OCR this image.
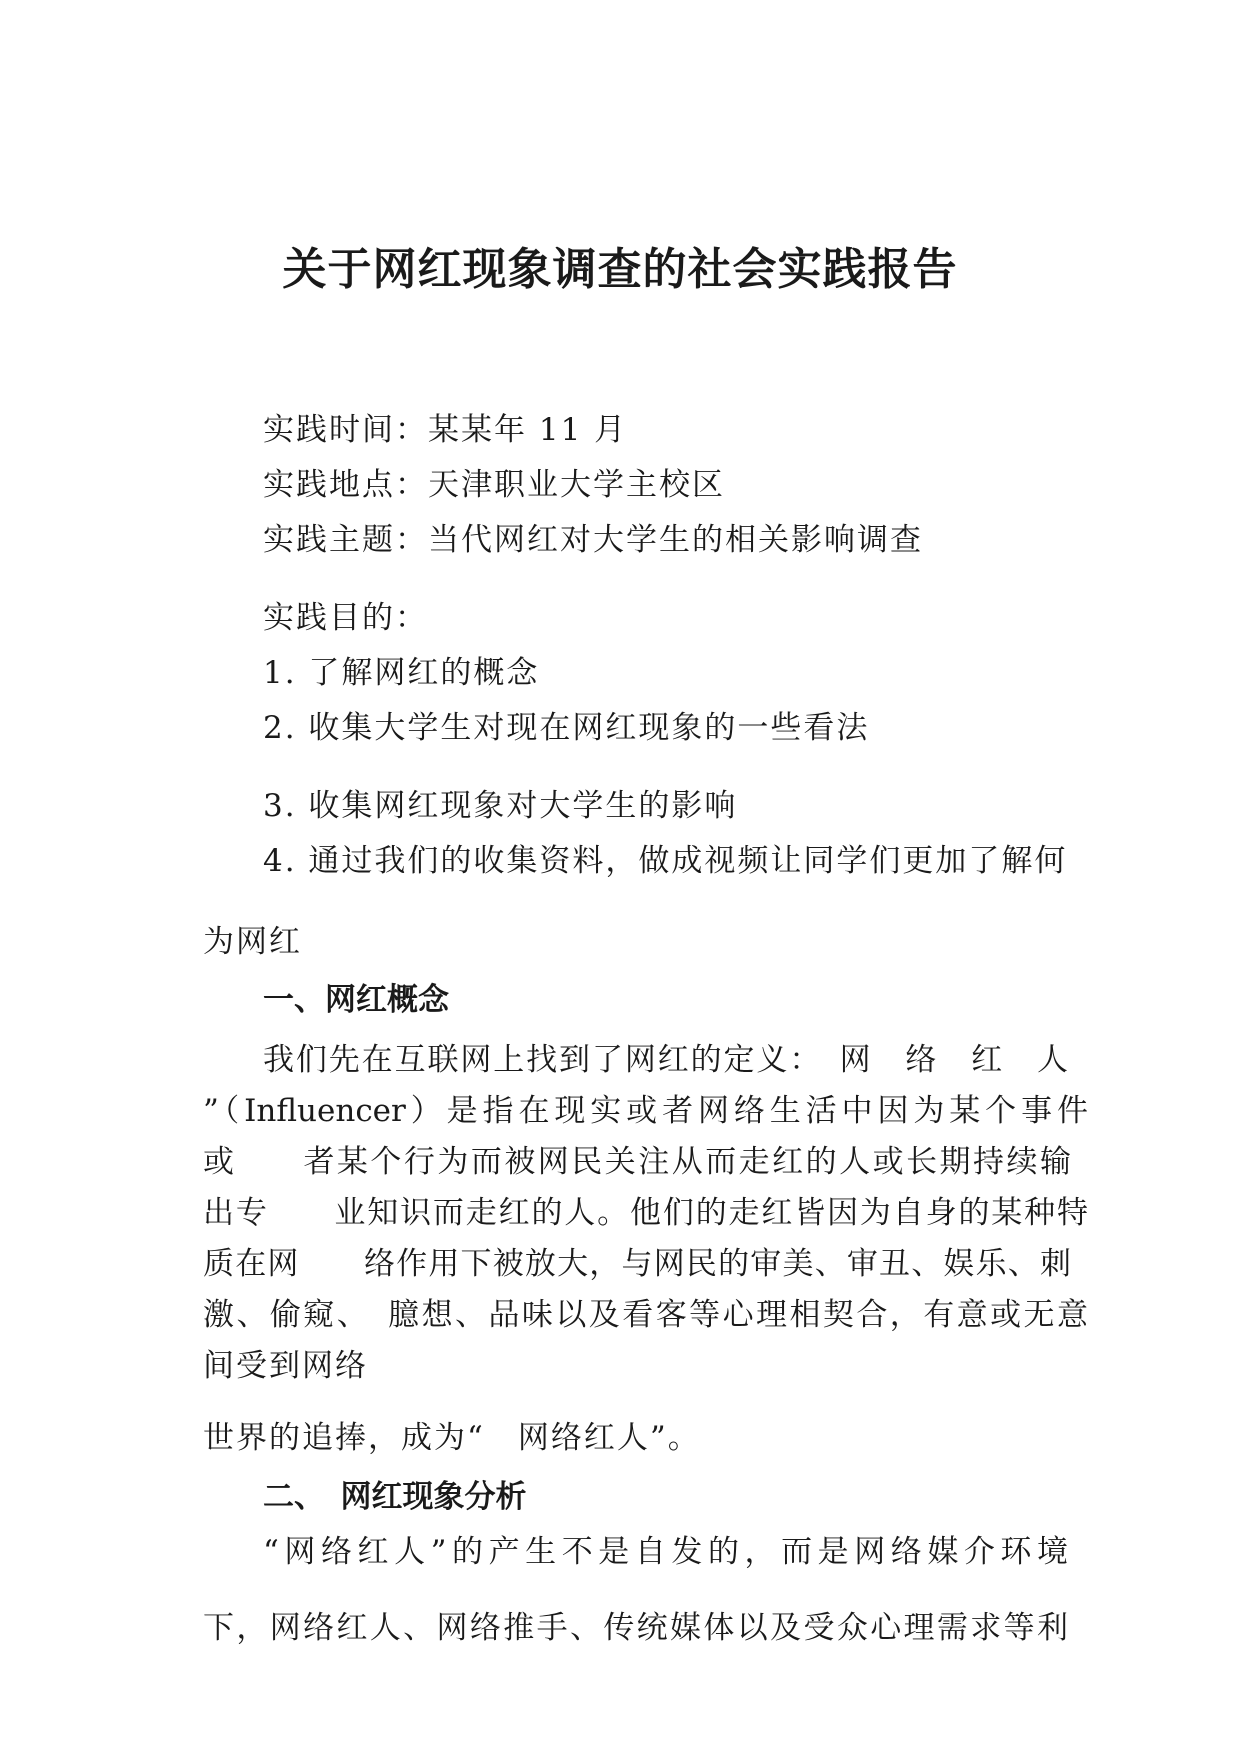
关于网红现象调查的社会实践报告
实践时间：某某年 11 月
实践地点：天津职业大学主校区
实践主题：当代网红对大学生的相关影响调查
实践目的：
1. 了解网红的概念
2. 收集大学生对现在网红现象的一些看法
3. 收集网红现象对大学生的影响
4. 通过我们的收集资料，做成视频让同学们更加了解何
为网红
一、网红概念
我们先在互联网上找到了网红的定义：　网　络　红　人
”（Influencer）是指在现实或者网络生活中因为某个事件
或　　者某个行为而被网民关注从而走红的人或长期持续输
出专　　业知识而走红的人。他们的走红皆因为自身的某种特
质在网　　络作用下被放大，与网民的审美、审丑、娱乐、刺
激、偷窥、　臆想、品味以及看客等心理相契合，有意或无意
间受到网络
世界的追捧，成为“　网络红人”。
二、　网红现象分析
“网络红人”的产生不是自发的，而是网络媒介环境
下，网络红人、网络推手、传统媒体以及受众心理需求等利
